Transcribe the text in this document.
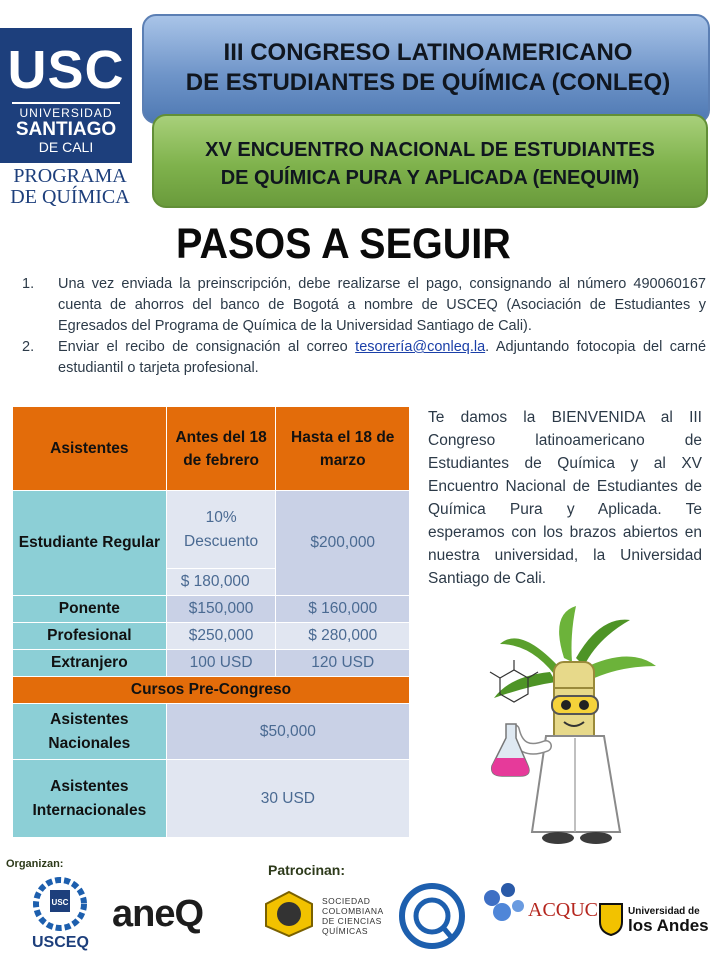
USC
UNIVERSIDAD
SANTIAGO
DE CALI
PROGRAMA
DE QUÍMICA
III CONGRESO LATINOAMERICANO
DE ESTUDIANTES DE QUÍMICA (CONLEQ)
XV ENCUENTRO NACIONAL DE ESTUDIANTES
DE QUÍMICA PURA Y APLICADA (ENEQUIM)
PASOS A SEGUIR
1.	Una vez enviada la preinscripción, debe realizarse el pago, consignando al número 490060167 cuenta de ahorros del banco de Bogotá a nombre de USCEQ (Asociación de Estudiantes y Egresados del Programa de Química de la Universidad Santiago de Cali).
2.	Enviar el recibo de consignación al correo tesorería@conleq.la. Adjuntando fotocopia del carné estudiantil o tarjeta profesional.
Asistentes	Antes del 18 de febrero	Hasta el 18 de marzo
Estudiante Regular	10% Descuento	$200,000
	$ 180,000	
Ponente	$150,000	$ 160,000
Profesional	$250,000	$ 280,000
Extranjero	100 USD	120 USD
Cursos Pre-Congreso		
Asistentes Nacionales	$50,000	
Asistentes Internacionales	30 USD	
Te damos la BIENVENIDA al III Congreso latinoamericano de Estudiantes de Química y al XV Encuentro Nacional de Estudiantes de Química Pura y Aplicada. Te esperamos con los brazos abiertos en nuestra universidad, la Universidad Santiago de Cali.
Organizan:
USC
USCEQ
aneQ
Patrocinan:
SOCIEDAD COLOMBIANA DE CIENCIAS QUÍMICAS
ACQUC	Universidad de
los Andes
